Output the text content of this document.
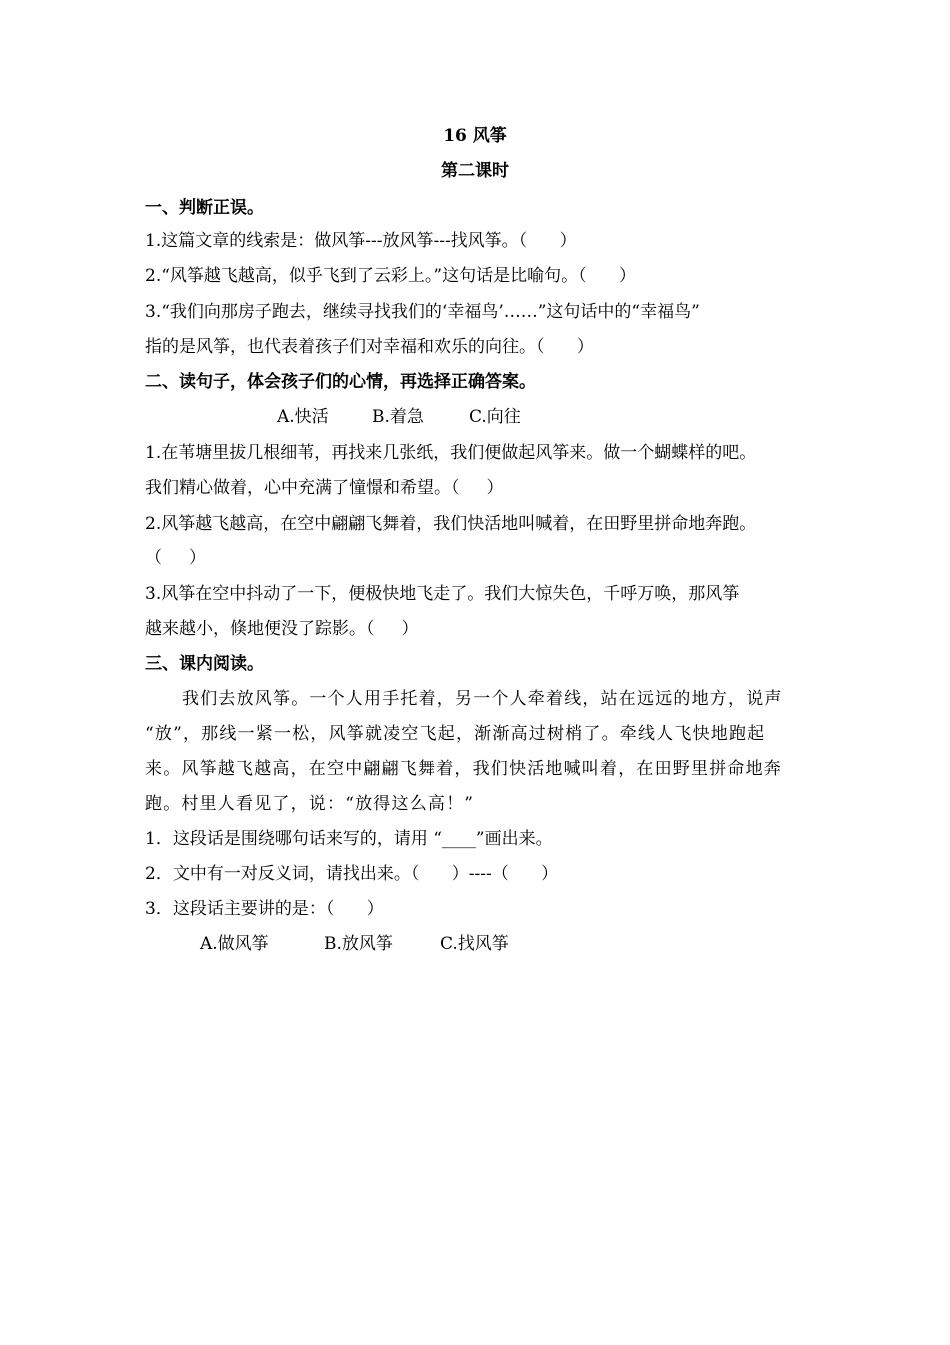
16 风筝
第二课时
一、判断正误。
1.这篇文章的线索是：做风筝---放风筝---找风筝。（      ）
2.“风筝越飞越高，似乎飞到了云彩上。”这句话是比喻句。（      ）
3.“我们向那房子跑去，继续寻找我们的‘幸福鸟’……”这句话中的“幸福鸟”
指的是风筝，也代表着孩子们对幸福和欢乐的向往。（      ）
二、读句子，体会孩子们的心情，再选择正确答案。
A.快活	B.着急	C.向往
1.在苇塘里拔几根细苇，再找来几张纸，我们便做起风筝来。做一个蝴蝶样的吧。
我们精心做着，心中充满了憧憬和希望。（     ）
2.风筝越飞越高，在空中翩翩飞舞着，我们快活地叫喊着，在田野里拼命地奔跑。
（     ）
3.风筝在空中抖动了一下，便极快地飞走了。我们大惊失色，千呼万唤，那风筝
越来越小，倏地便没了踪影。（     ）
三、课内阅读。
我们去放风筝。一个人用手托着，另一个人牵着线，站在远远的地方，说声
“放”，那线一紧一松，风筝就凌空飞起，渐渐高过树梢了。牵线人飞快地跑起
来。风筝越飞越高，在空中翩翩飞舞着，我们快活地喊叫着，在田野里拼命地奔
跑。村里人看见了，说：“放得这么高！”
1．这段话是围绕哪句话来写的，请用 “____”画出来。
2．文中有一对反义词，请找出来。（      ）----（      ）
3．这段话主要讲的是：（      ）
A.做风筝	B.放风筝	C.找风筝
